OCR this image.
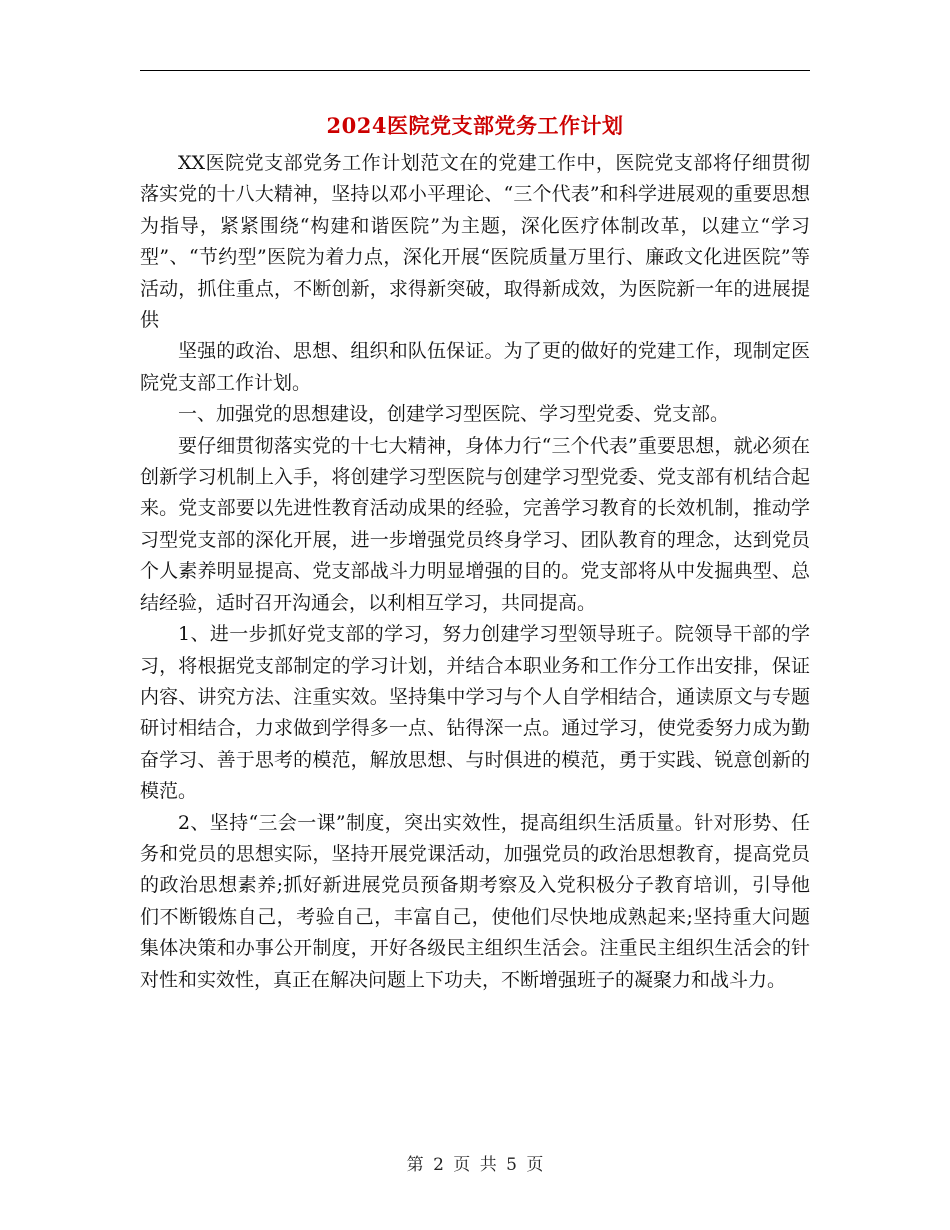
2024医院党支部党务工作计划

XX医院党支部党务工作计划范文在的党建工作中，医院党支部将仔细贯彻落实党的十八大精神，坚持以邓小平理论、“三个代表”和科学进展观的重要思想为指导，紧紧围绕“构建和谐医院”为主题，深化医疗体制改革，以建立“学习型”、“节约型”医院为着力点，深化开展“医院质量万里行、廉政文化进医院”等活动，抓住重点，不断创新，求得新突破，取得新成效，为医院新一年的进展提供

坚强的政治、思想、组织和队伍保证。为了更的做好的党建工作，现制定医院党支部工作计划。

一、加强党的思想建设，创建学习型医院、学习型党委、党支部。

要仔细贯彻落实党的十七大精神，身体力行“三个代表”重要思想，就必须在创新学习机制上入手，将创建学习型医院与创建学习型党委、党支部有机结合起来。党支部要以先进性教育活动成果的经验，完善学习教育的长效机制，推动学习型党支部的深化开展，进一步增强党员终身学习、团队教育的理念，达到党员个人素养明显提高、党支部战斗力明显增强的目的。党支部将从中发掘典型、总结经验，适时召开沟通会，以利相互学习，共同提高。

1、进一步抓好党支部的学习，努力创建学习型领导班子。院领导干部的学习，将根据党支部制定的学习计划，并结合本职业务和工作分工作出安排，保证内容、讲究方法、注重实效。坚持集中学习与个人自学相结合，通读原文与专题研讨相结合，力求做到学得多一点、钻得深一点。通过学习，使党委努力成为勤奋学习、善于思考的模范，解放思想、与时俱进的模范，勇于实践、锐意创新的模范。

2、坚持“三会一课”制度，突出实效性，提高组织生活质量。针对形势、任务和党员的思想实际，坚持开展党课活动，加强党员的政治思想教育，提高党员的政治思想素养;抓好新进展党员预备期考察及入党积极分子教育培训，引导他们不断锻炼自己，考验自己，丰富自己，使他们尽快地成熟起来;坚持重大问题集体决策和办事公开制度，开好各级民主组织生活会。注重民主组织生活会的针对性和实效性，真正在解决问题上下功夫，不断增强班子的凝聚力和战斗力。

第 2 页 共 5 页
